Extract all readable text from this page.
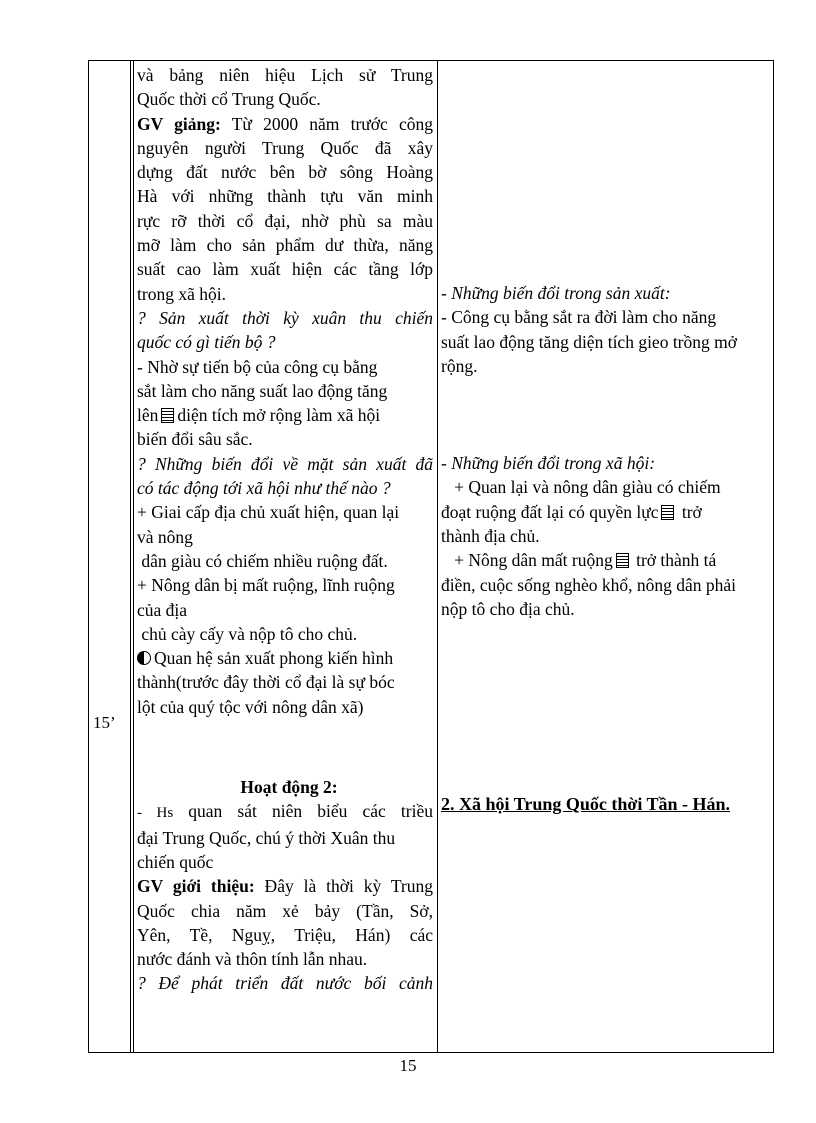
15’

và bảng niên hiệu Lịch sử Trung

Quốc thời cổ Trung Quốc.

GV giảng: Từ 2000 năm trước công

nguyên người Trung Quốc đã xây

dựng đất nước bên bờ sông Hoàng

Hà với những thành tựu văn minh

rực rỡ thời cổ đại, nhờ phù sa màu

mỡ làm cho sản phẩm dư thừa, năng

suất cao làm xuất hiện các tầng lớp

trong xã hội.

? Sản xuất thời kỳ xuân thu chiến

quốc có gì tiến bộ ?

- Nhờ sự tiến bộ của công cụ bằng

sắt làm cho năng suất lao động tăng

lên diện tích mở rộng làm xã hội

biến đổi sâu sắc.

? Những biến đổi về mặt sản xuất đã

có tác động tới xã hội như thế nào ?

+ Giai cấp địa chủ xuất hiện, quan lại

và nông

dân giàu có chiếm nhiều ruộng đất.

+ Nông dân bị mất ruộng, lĩnh ruộng

của địa

chủ cày cấy và nộp tô cho chủ.

Quan hệ sản xuất phong kiến hình

thành(trước đây thời cổ đại là sự bóc

lột của quý tộc với nông dân xã)

Hoạt động 2:

- Hs quan sát niên biểu các triều

đại Trung Quốc, chú ý thời Xuân thu

chiến quốc

GV giới thiệu: Đây là thời kỳ Trung

Quốc chia năm xẻ bảy (Tần, Sở,

Yên, Tề, Nguỵ, Triệu, Hán) các

nước đánh và thôn tính lẫn nhau.

? Để phát triển đất nước bối cảnh

- Những biến đổi trong sản xuất:

- Công cụ bằng sắt ra đời làm cho năng

suất lao động tăng diện tích gieo trồng mở

rộng.

- Những biến đổi trong xã hội:

+ Quan lại và nông dân giàu có chiếm

đoạt ruộng đất lại có quyền lực trở

thành địa chủ.

+ Nông dân mất ruộng trở thành tá

điền, cuộc sống nghèo khổ, nông dân phải

nộp tô cho địa chủ.

2. Xã hội Trung Quốc thời Tần - Hán.

15
